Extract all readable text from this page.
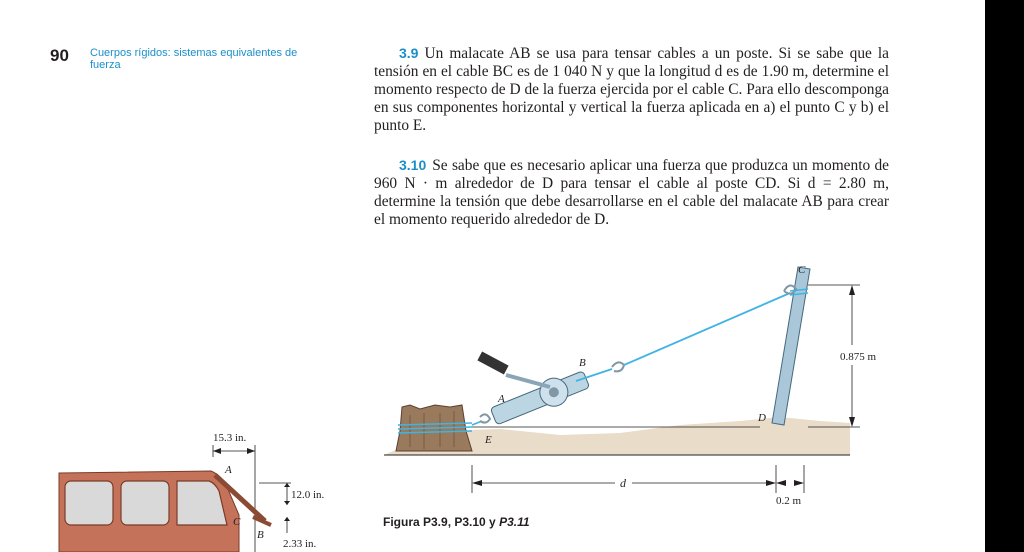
90 Cuerpos rígidos: sistemas equivalentes de fuerza
3.9 Un malacate AB se usa para tensar cables a un poste. Si se sabe que la tensión en el cable BC es de 1 040 N y que la longitud d es de 1.90 m, determine el momento respecto de D de la fuerza ejercida por el cable C. Para ello descomponga en sus componentes horizontal y vertical la fuerza aplicada en a) el punto C y b) el punto E.
3.10 Se sabe que es necesario aplicar una fuerza que produzca un momento de 960 N · m alrededor de D para tensar el cable al poste CD. Si d = 2.80 m, determine la tensión que debe desarrollarse en el cable del malacate AB para crear el momento requerido alrededor de D.
0.875 m
d
0.2 m
C
B
A
D
E
Figura P3.9, P3.10 y P3.11
15.3 in.
12.0 in.
2.33 in.
A
C
B
